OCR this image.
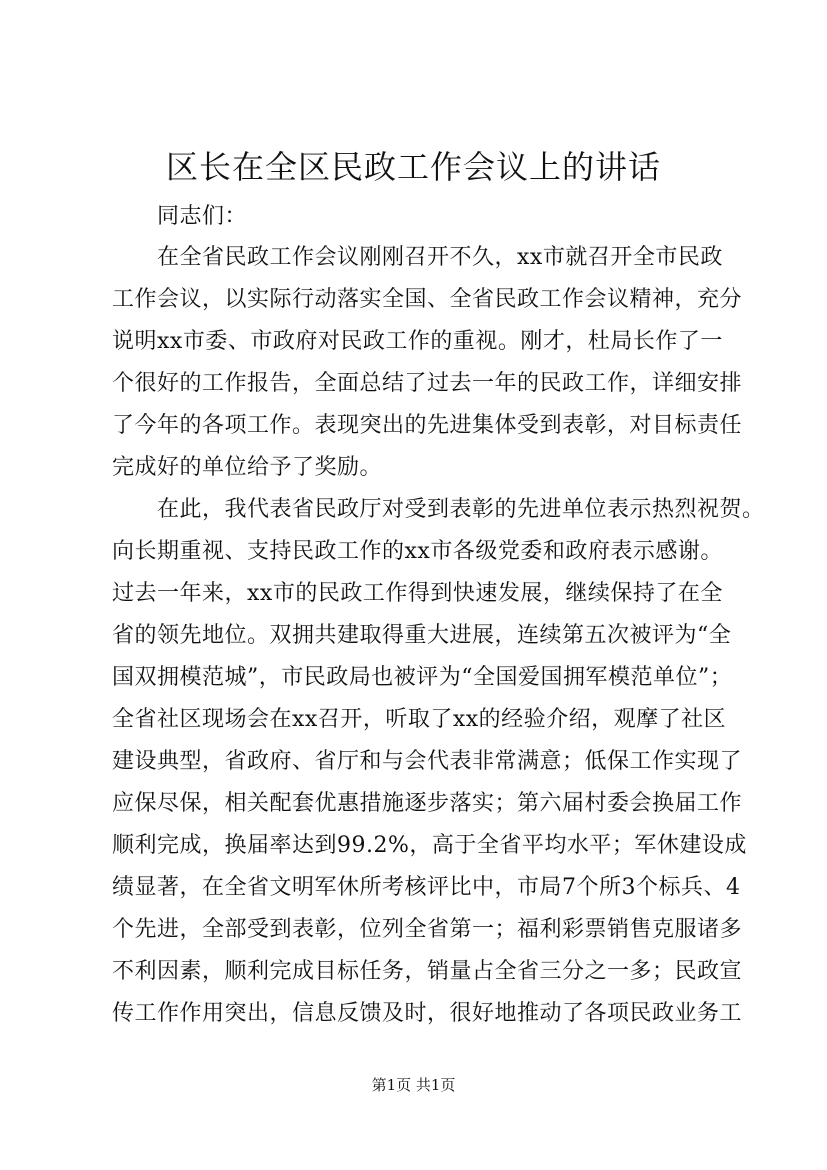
区长在全区民政工作会议上的讲话

同志们：

在全省民政工作会议刚刚召开不久，xx市就召开全市民政

工作会议，以实际行动落实全国、全省民政工作会议精神，充分

说明xx市委、市政府对民政工作的重视。刚才，杜局长作了一

个很好的工作报告，全面总结了过去一年的民政工作，详细安排

了今年的各项工作。表现突出的先进集体受到表彰，对目标责任

完成好的单位给予了奖励。

在此，我代表省民政厅对受到表彰的先进单位表示热烈祝贺。

向长期重视、支持民政工作的xx市各级党委和政府表示感谢。

过去一年来，xx市的民政工作得到快速发展，继续保持了在全

省的领先地位。双拥共建取得重大进展，连续第五次被评为“全

国双拥模范城”，市民政局也被评为“全国爱国拥军模范单位”；

全省社区现场会在xx召开，听取了xx的经验介绍，观摩了社区

建设典型，省政府、省厅和与会代表非常满意；低保工作实现了

应保尽保，相关配套优惠措施逐步落实；第六届村委会换届工作

顺利完成，换届率达到99.2%，高于全省平均水平；军休建设成

绩显著，在全省文明军休所考核评比中，市局7个所3个标兵、4

个先进，全部受到表彰，位列全省第一；福利彩票销售克服诸多

不利因素，顺利完成目标任务，销量占全省三分之一多；民政宣

传工作作用突出，信息反馈及时，很好地推动了各项民政业务工

第1页 共1页
